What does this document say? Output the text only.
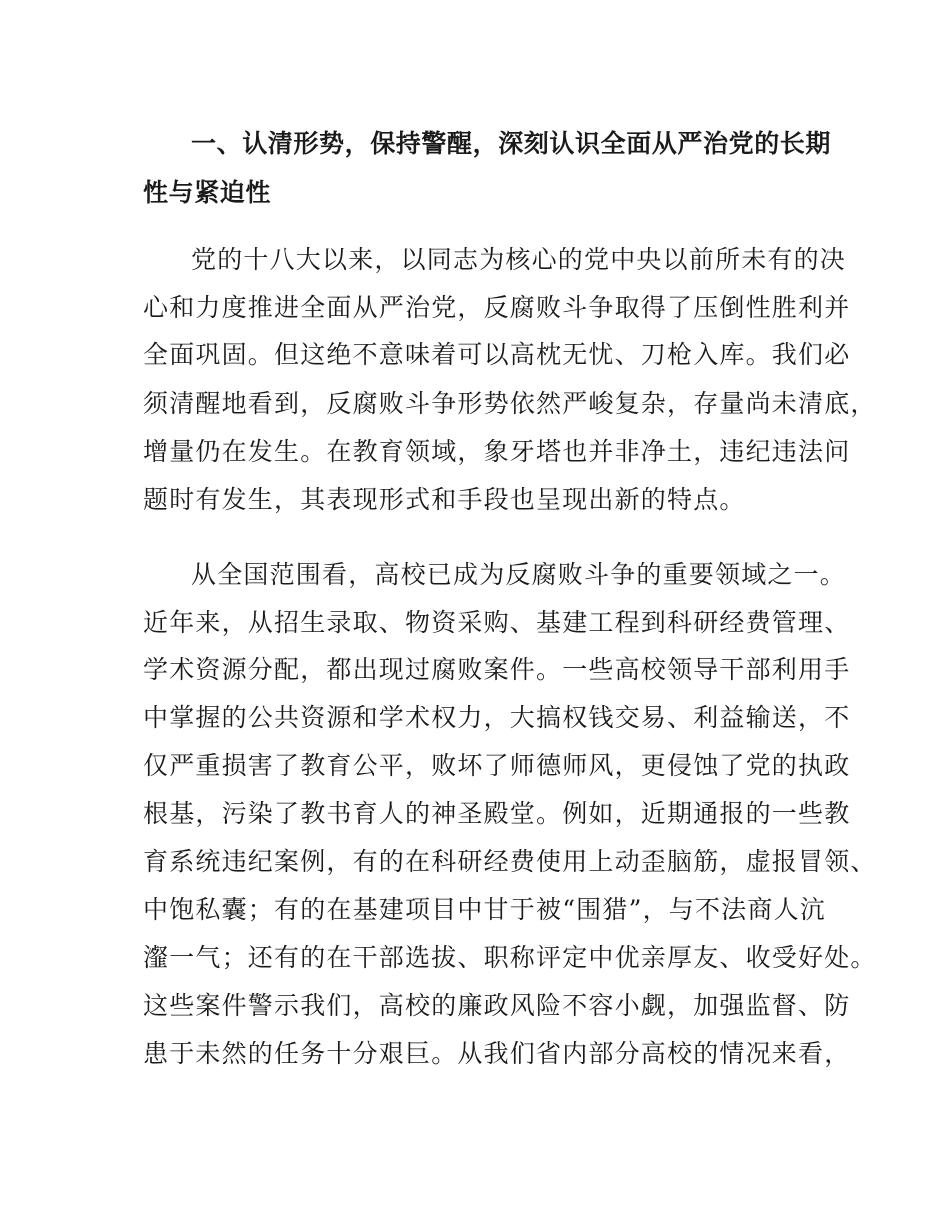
一、认清形势，保持警醒，深刻认识全面从严治党的长期
性与紧迫性
党的十八大以来，以同志为核心的党中央以前所未有的决
心和力度推进全面从严治党，反腐败斗争取得了压倒性胜利并
全面巩固。但这绝不意味着可以高枕无忧、刀枪入库。我们必
须清醒地看到，反腐败斗争形势依然严峻复杂，存量尚未清底，
增量仍在发生。在教育领域，象牙塔也并非净土，违纪违法问
题时有发生，其表现形式和手段也呈现出新的特点。
从全国范围看，高校已成为反腐败斗争的重要领域之一。
近年来，从招生录取、物资采购、基建工程到科研经费管理、
学术资源分配，都出现过腐败案件。一些高校领导干部利用手
中掌握的公共资源和学术权力，大搞权钱交易、利益输送，不
仅严重损害了教育公平，败坏了师德师风，更侵蚀了党的执政
根基，污染了教书育人的神圣殿堂。例如，近期通报的一些教
育系统违纪案例，有的在科研经费使用上动歪脑筋，虚报冒领、
中饱私囊；有的在基建项目中甘于被“围猎”，与不法商人沆
瀣一气；还有的在干部选拔、职称评定中优亲厚友、收受好处。
这些案件警示我们，高校的廉政风险不容小觑，加强监督、防
患于未然的任务十分艰巨。从我们省内部分高校的情况来看，
